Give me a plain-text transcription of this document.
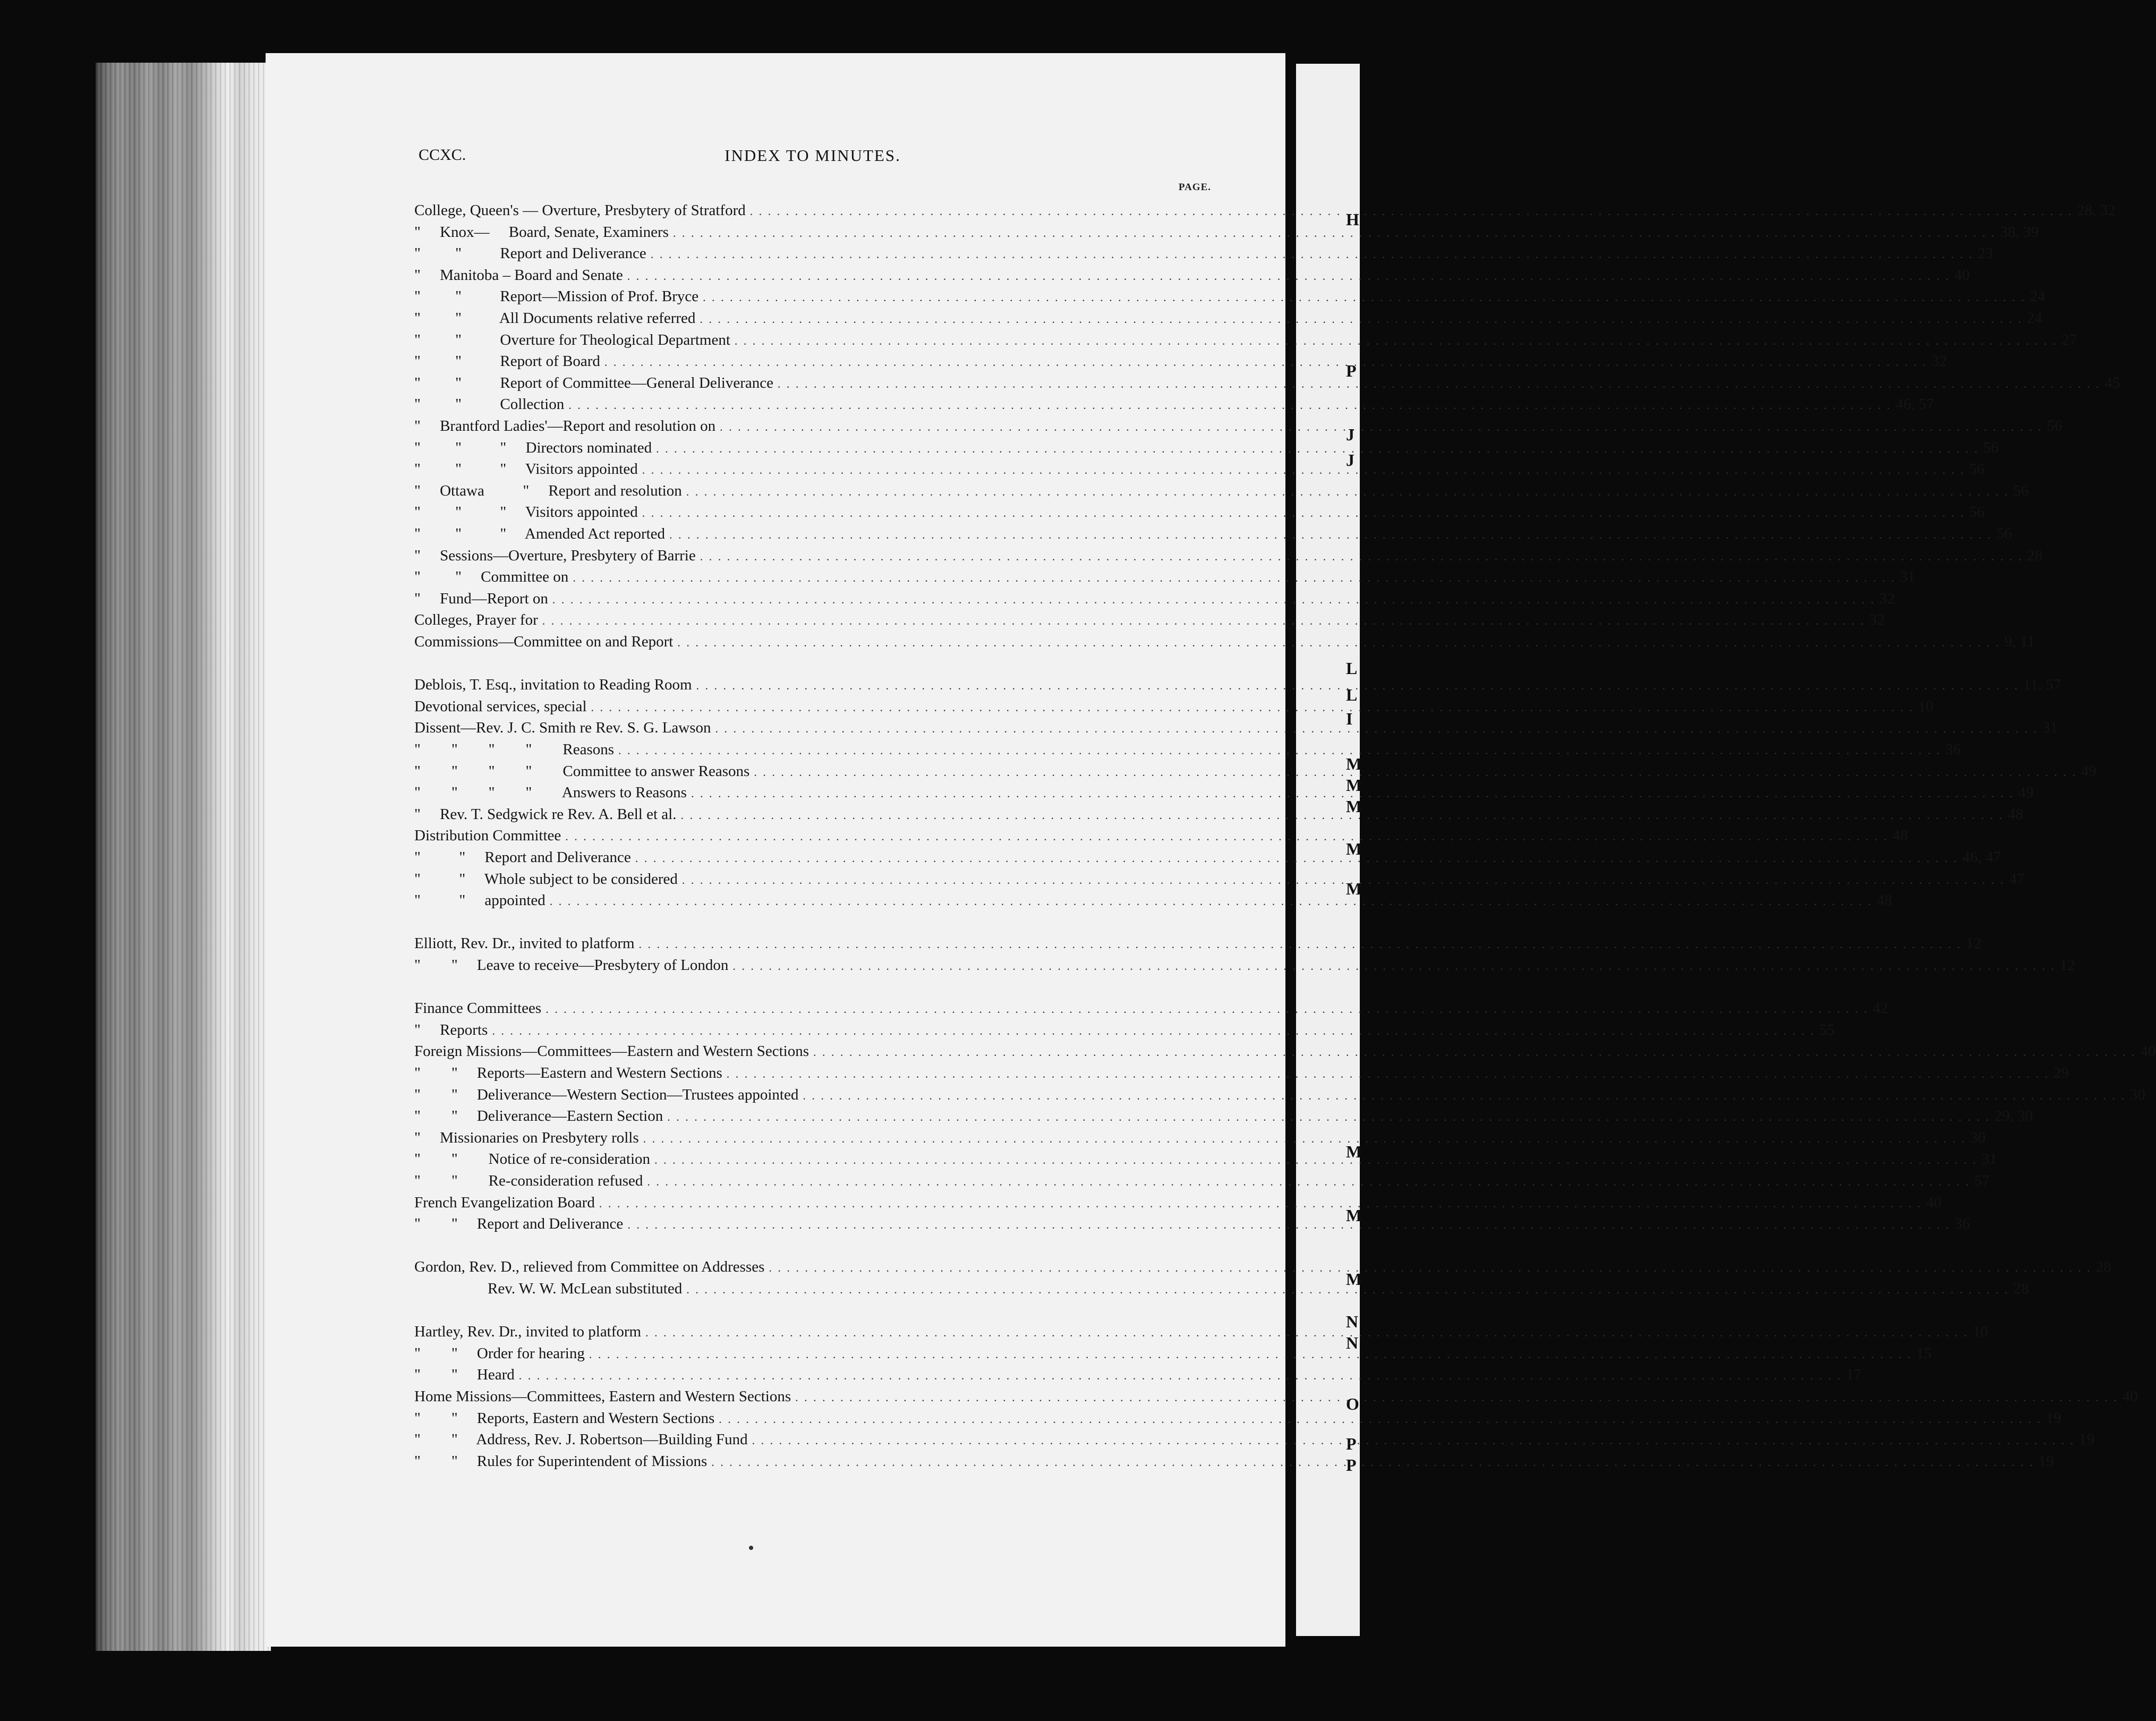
H
P
J
J
L
L
I
M
M
M
M
M
M
M
M
N
N
O
P
P
CCXC.	INDEX TO MINUTES.
PAGE.
College, Queen's — Overture, Presbytery of Stratford . . .	28, 32
"     Knox—     Board, Senate, Examiners . . .	38, 39
"         "          Report and Deliverance . . .	23
"     Manitoba – Board and Senate . . .	40
"         "          Report—Mission of Prof. Bryce . . .	24
"         "          All Documents relative referred . . .	24
"         "          Overture for Theological Department . . .	27
"         "          Report of Board . . .	32
"         "          Report of Committee—General Deliverance . . .	45
"         "          Collection . . .	46, 57
"     Brantford Ladies'—Report and resolution on . . .	56
"         "          "     Directors nominated . . .	56
"         "          "     Visitors appointed . . .	56
"     Ottawa          "     Report and resolution . . .	56
"         "          "     Visitors appointed . . .	56
"         "          "     Amended Act reported . . .	56
"     Sessions—Overture, Presbytery of Barrie . . .	28
"         "     Committee on . . .	31
"     Fund—Report on . . .	32
Colleges, Prayer for . . .	32
Commissions—Committee on and Report . . .	9, 11
Deblois, T. Esq., invitation to Reading Room . . .	11, 57
Devotional services, special . . .	10
Dissent—Rev. J. C. Smith re Rev. S. G. Lawson . . .	31
"        "        "        "        Reasons . . .	36
"        "        "        "        Committee to answer Reasons . . .	49
"        "        "        "        Answers to Reasons . . .	49
"     Rev. T. Sedgwick re Rev. A. Bell et al. . . .	48
Distribution Committee . . .	48
"          "     Report and Deliverance . . .	46, 47
"          "     Whole subject to be considered . . .	47
"          "     appointed . . .	48
Elliott, Rev. Dr., invited to platform . . .	12
"        "     Leave to receive—Presbytery of London . . .	12
Finance Committees . . .	42
"     Reports . . .	55
Foreign Missions—Committees—Eastern and Western Sections . . .	40
"        "     Reports—Eastern and Western Sections . . .	29
"        "     Deliverance—Western Section—Trustees appointed . . .	30
"        "     Deliverance—Eastern Section . . .	29, 30
"     Missionaries on Presbytery rolls . . .	30
"        "        Notice of re-consideration . . .	31
"        "        Re-consideration refused . . .	57
French Evangelization Board . . .	40
"        "     Report and Deliverance . . .	36
Gordon, Rev. D., relieved from Committee on Addresses . . .	28
Rev. W. W. McLean substituted . . .	28
Hartley, Rev. Dr., invited to platform . . .	10
"        "     Order for hearing . . .	15
"        "     Heard . . .	17
Home Missions—Committees, Eastern and Western Sections . . .	40
"        "     Reports, Eastern and Western Sections . . .	19
"        "     Address, Rev. J. Robertson—Building Fund . . .	19
"        "     Rules for Superintendent of Missions . . .	19
